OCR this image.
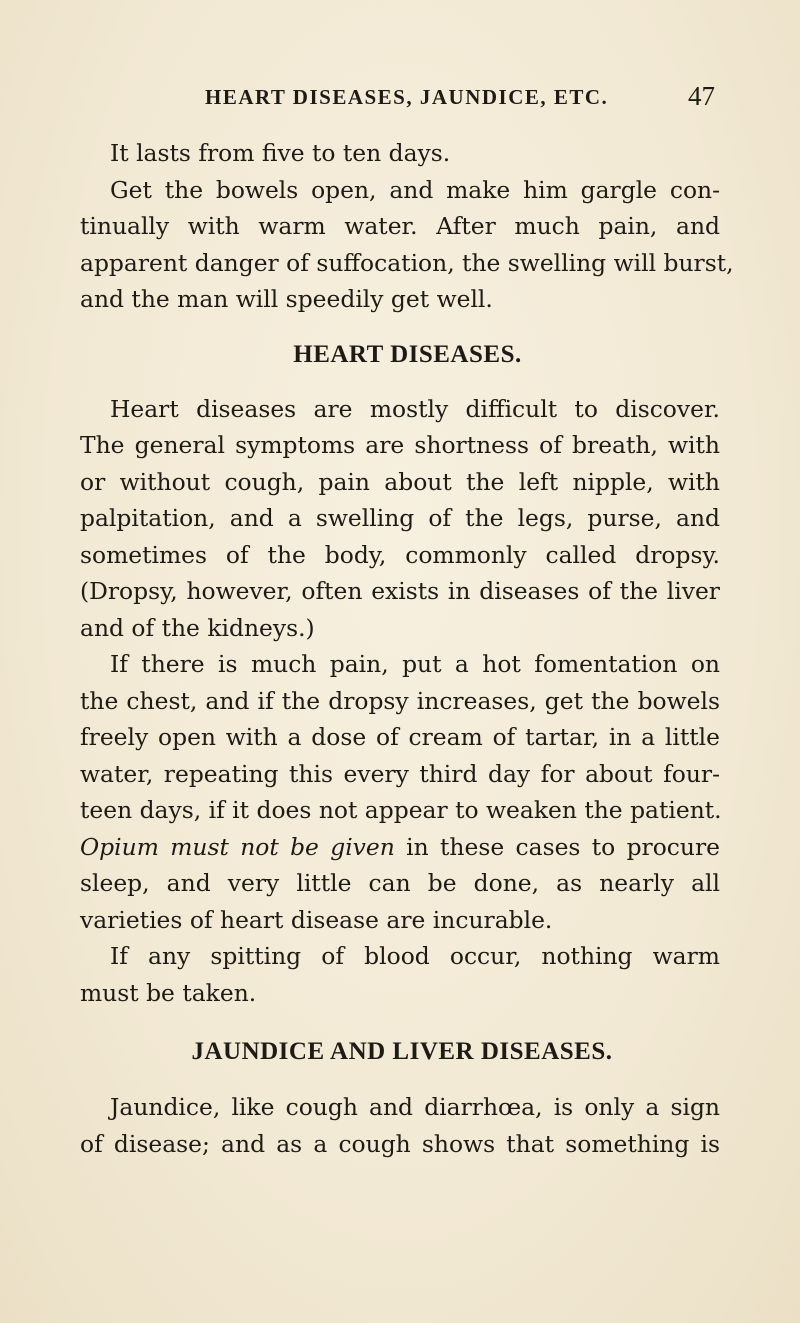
HEART DISEASES, JAUNDICE, ETC.	47

It lasts from five to ten days.

Get the bowels open, and make him gargle con-
tinually with warm water. After much pain, and
apparent danger of suffocation, the swelling will burst,
and the man will speedily get well.

HEART DISEASES.

Heart diseases are mostly difficult to discover.
The general symptoms are shortness of breath, with
or without cough, pain about the left nipple, with
palpitation, and a swelling of the legs, purse, and
sometimes of the body, commonly called dropsy.
(Dropsy, however, often exists in diseases of the liver
and of the kidneys.)

If there is much pain, put a hot fomentation on
the chest, and if the dropsy increases, get the bowels
freely open with a dose of cream of tartar, in a little
water, repeating this every third day for about four-
teen days, if it does not appear to weaken the patient.
Opium must not be given in these cases to procure
sleep, and very little can be done, as nearly all
varieties of heart disease are incurable.

If any spitting of blood occur, nothing warm
must be taken.

JAUNDICE AND LIVER DISEASES.

Jaundice, like cough and diarrhœa, is only a sign
of disease; and as a cough shows that something is
